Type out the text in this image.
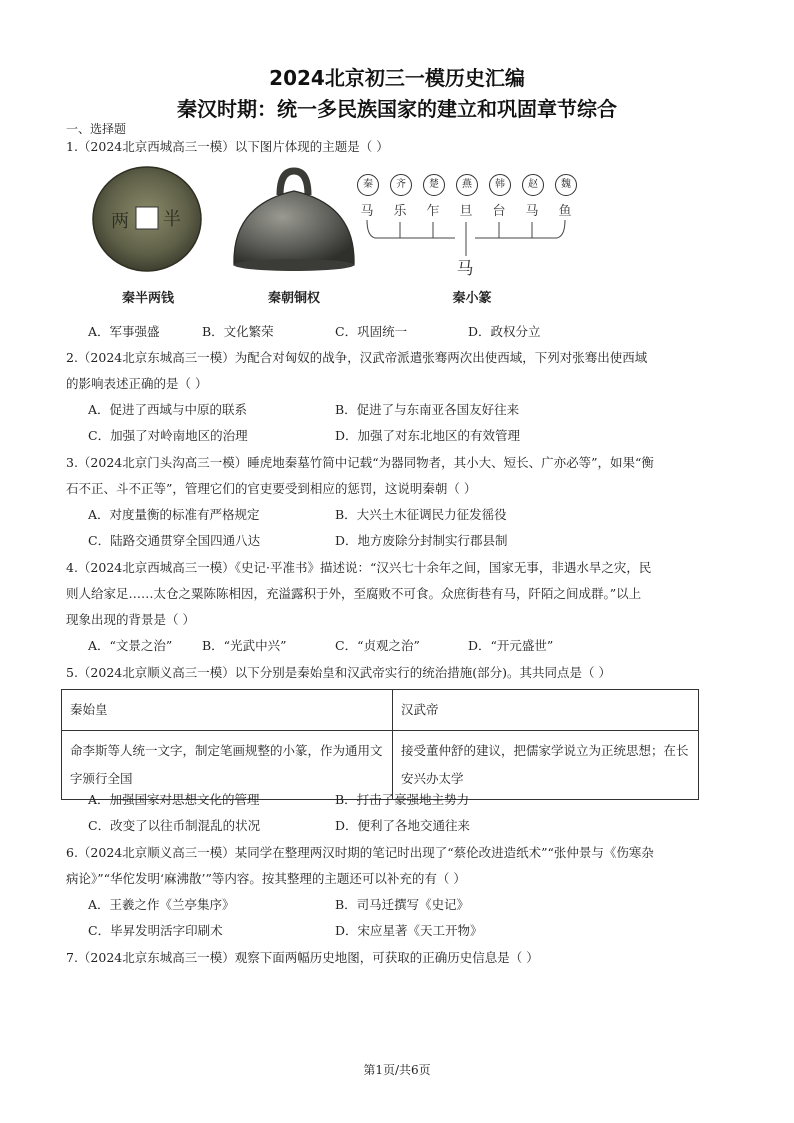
2024北京初三一模历史汇编
秦汉时期：统一多民族国家的建立和巩固章节综合
一、选择题
1.（2024北京西城高三一模）以下图片体现的主题是（ ）
两 半
秦半两钱	秦朝铜权
秦	齐	楚	燕	韩	赵	魏
马	乐	乍	旦	台	马	鱼
马
秦小篆
A．军事强盛	B．文化繁荣	C．巩固统一	D．政权分立
2.（2024北京东城高三一模）为配合对匈奴的战争，汉武帝派遣张骞两次出使西域，下列对张骞出使西域
的影响表述正确的是（ ）
A．促进了西域与中原的联系	B．促进了与东南亚各国友好往来
C．加强了对岭南地区的治理	D．加强了对东北地区的有效管理
3.（2024北京门头沟高三一模）睡虎地秦墓竹简中记载“为器同物者，其小大、短长、广亦必等”，如果“衡
石不正、斗不正等”，管理它们的官吏要受到相应的惩罚，这说明秦朝（ ）
A．对度量衡的标准有严格规定	B．大兴土木征调民力征发徭役
C．陆路交通贯穿全国四通八达	D．地方废除分封制实行郡县制
4.（2024北京西城高三一模）《史记·平准书》描述说：“汉兴七十余年之间，国家无事，非遇水旱之灾，民
则人给家足……太仓之粟陈陈相因，充溢露积于外，至腐败不可食。众庶街巷有马，阡陌之间成群。”以上
现象出现的背景是（ ）
A．“文景之治” B．“光武中兴”	C．“贞观之治”	D．“开元盛世”
5.（2024北京顺义高三一模）以下分别是秦始皇和汉武帝实行的统治措施(部分)。其共同点是（ ）
秦始皇	汉武帝
命李斯等人统一文字，制定笔画规整的小篆，作为通用文字颁行全国	接受董仲舒的建议，把儒家学说立为正统思想；在长安兴办太学
A．加强国家对思想文化的管理	B．打击了豪强地主势力
C．改变了以往币制混乱的状况	D．便利了各地交通往来
6.（2024北京顺义高三一模）某同学在整理两汉时期的笔记时出现了“蔡伦改进造纸术”“张仲景与《伤寒杂
病论》”“华佗发明‘麻沸散’”等内容。按其整理的主题还可以补充的有（ ）
A．王羲之作《兰亭集序》	B．司马迁撰写《史记》
C．毕昇发明活字印刷术	D．宋应星著《天工开物》
7.（2024北京东城高三一模）观察下面两幅历史地图，可获取的正确历史信息是（ ）
第1页/共6页
